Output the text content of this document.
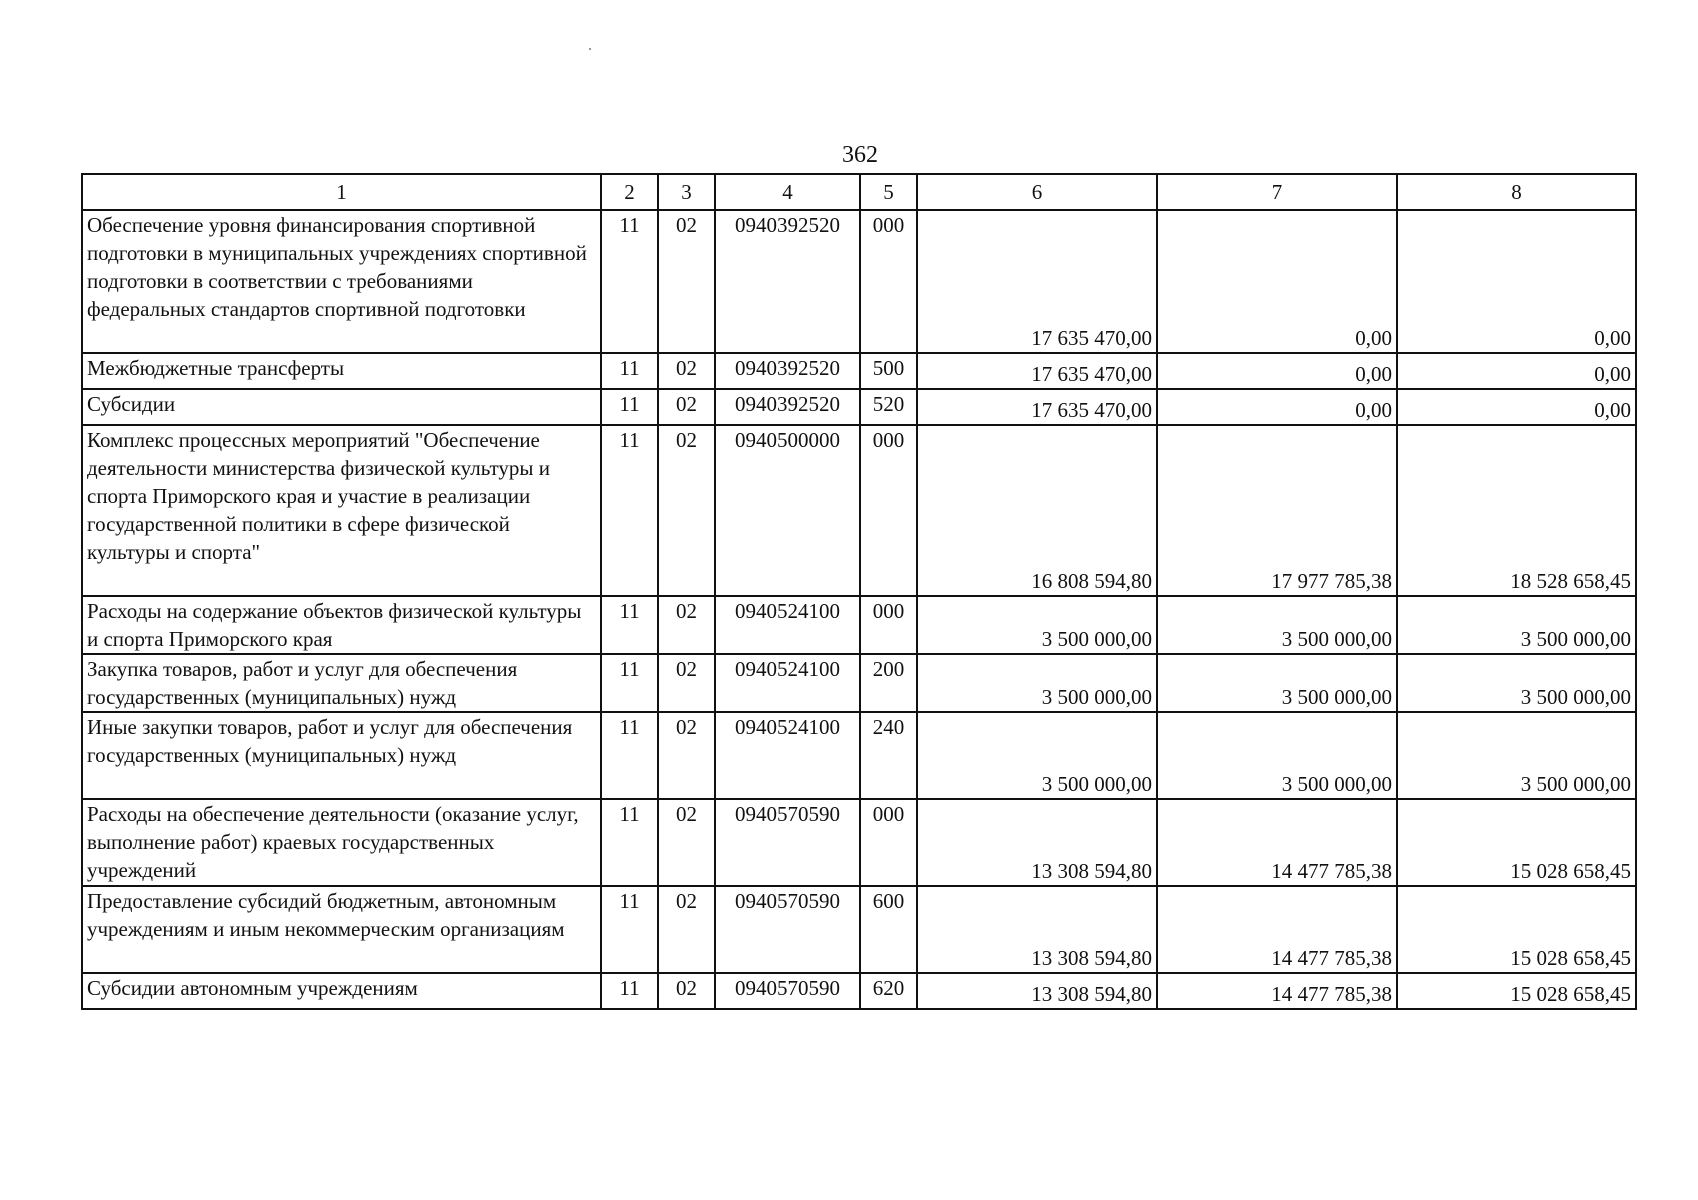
362
1	2	3	4	5	6	7	8
Обеспечение уровня финансирования спортивной подготовки в муниципальных учреждениях спортивной подготовки в соответствии с требованиями федеральных стандартов спортивной подготовки	11	02	0940392520	000	17 635 470,00	0,00	0,00
Межбюджетные трансферты	11	02	0940392520	500	17 635 470,00	0,00	0,00
Субсидии	11	02	0940392520	520	17 635 470,00	0,00	0,00
Комплекс процессных мероприятий "Обеспечение деятельности министерства физической культуры и спорта Приморского края и участие в реализации государственной политики в сфере физической культуры и спорта"	11	02	0940500000	000	16 808 594,80	17 977 785,38	18 528 658,45
Расходы на содержание объектов физической культуры и спорта Приморского края	11	02	0940524100	000	3 500 000,00	3 500 000,00	3 500 000,00
Закупка товаров, работ и услуг для обеспечения государственных (муниципальных) нужд	11	02	0940524100	200	3 500 000,00	3 500 000,00	3 500 000,00
Иные закупки товаров, работ и услуг для обеспечения государственных (муниципальных) нужд	11	02	0940524100	240	3 500 000,00	3 500 000,00	3 500 000,00
Расходы на обеспечение деятельности (оказание услуг, выполнение работ) краевых государственных учреждений	11	02	0940570590	000	13 308 594,80	14 477 785,38	15 028 658,45
Предоставление субсидий бюджетным, автономным учреждениям и иным некоммерческим организациям	11	02	0940570590	600	13 308 594,80	14 477 785,38	15 028 658,45
Субсидии автономным учреждениям	11	02	0940570590	620	13 308 594,80	14 477 785,38	15 028 658,45
